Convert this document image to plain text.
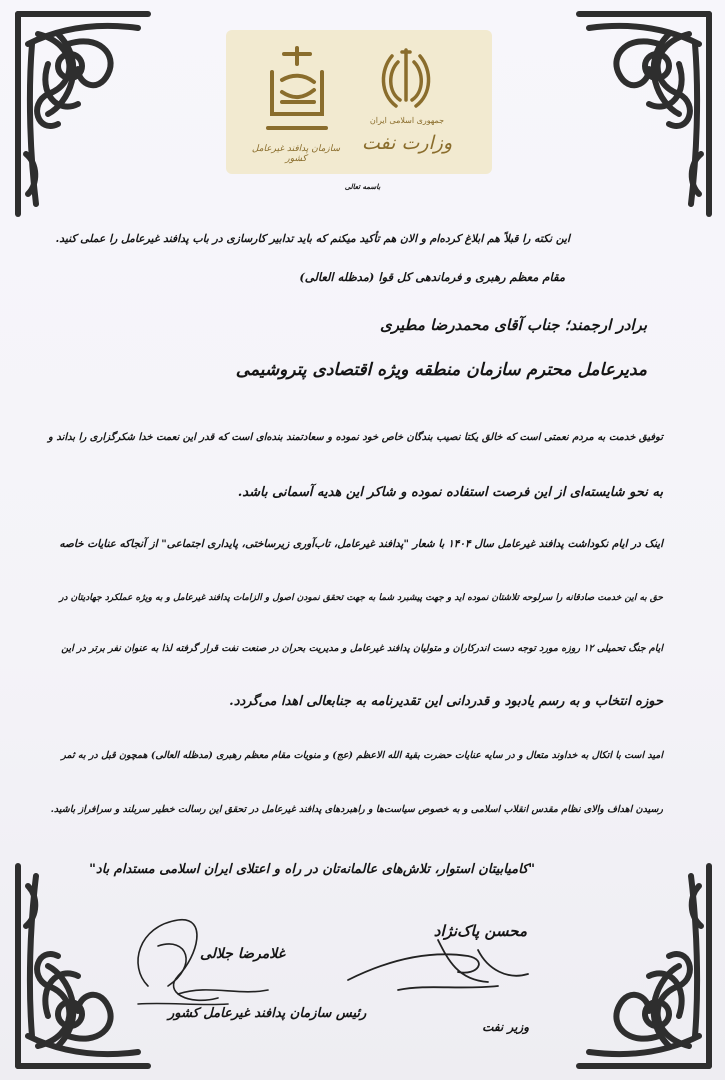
جمهوری اسلامی ایران
وزارت نفت
سازمان پدافند غیرعامل کشور
باسمه تعالی
این نکته را قبلاً هم ابلاغ کرده‌ام و الان هم تأکید میکنم که باید تدابیر کارسازی در باب پدافند غیرعامل را عملی کنید.
مقام معظم رهبری و فرماندهی کل قوا (مدظله العالی)
برادر ارجمند؛ جناب آقای محمدرضا مطیری
مدیرعامل محترم سازمان منطقه ویژه اقتصادی پتروشیمی
توفیق خدمت به مردم نعمتی است که خالق یکتا نصیب بندگان خاص خود نموده و سعادتمند بنده‌ای است که قدر این نعمت خدا شکرگزاری را بداند و
به نحو شایسته‌ای از این فرصت استفاده نموده و شاکر این هدیه آسمانی باشد.
اینک در ایام نکوداشت پدافند غیرعامل سال ۱۴۰۴ با شعار "پدافند غیرعامل، تاب‌آوری زیرساختی، پایداری اجتماعی" از آنجاکه عنایات خاصه
حق به این خدمت صادقانه را سرلوحه تلاشتان نموده اید و جهت پیشبرد شما به جهت تحقق نمودن اصول و الزامات پدافند غیرعامل و به ویژه عملکرد جهادیتان در
ایام جنگ تحمیلی ۱۲ روزه مورد توجه دست اندرکاران و متولیان پدافند غیرعامل و مدیریت بحران در صنعت نفت قرار گرفته لذا به عنوان نفر برتر در این
حوزه انتخاب و به رسم یادبود و قدردانی این تقدیرنامه به جنابعالی اهدا می‌گردد.
امید است با اتکال به خداوند متعال و در سایه عنایات حضرت بقیة الله الاعظم (عج) و منویات مقام معظم رهبری (مدظله العالی) همچون قبل در به ثمر
رسیدن اهداف والای نظام مقدس انقلاب اسلامی و به خصوص سیاست‌ها و راهبردهای پدافند غیرعامل در تحقق این رسالت خطیر سربلند و سرافراز باشید.
"کامیابیتان استوار، تلاش‌های عالمانه‌تان در راه و اعتلای ایران اسلامی مستدام باد"
غلامرضا جلالی
رئیس سازمان پدافند غیرعامل کشور
محسن پاک‌نژاد
وزیر نفت
